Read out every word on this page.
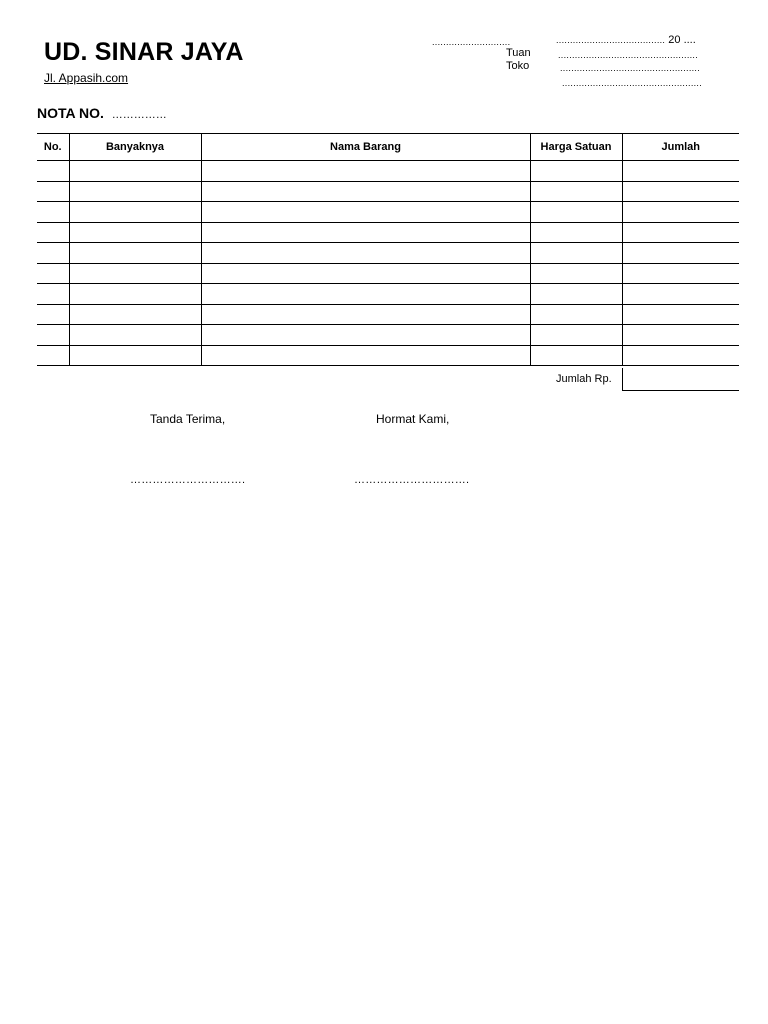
UD. SINAR JAYA
Jl. Appasih.com
............................	....................................... 20 ....
Tuan	..................................................
Toko	..................................................
..................................................
NOTA NO. ……………
No.	Banyaknya	Nama Barang	Harga Satuan	Jumlah

Jumlah Rp.
Tanda Terima,	Hormat Kami,
………………………….	………………………….
